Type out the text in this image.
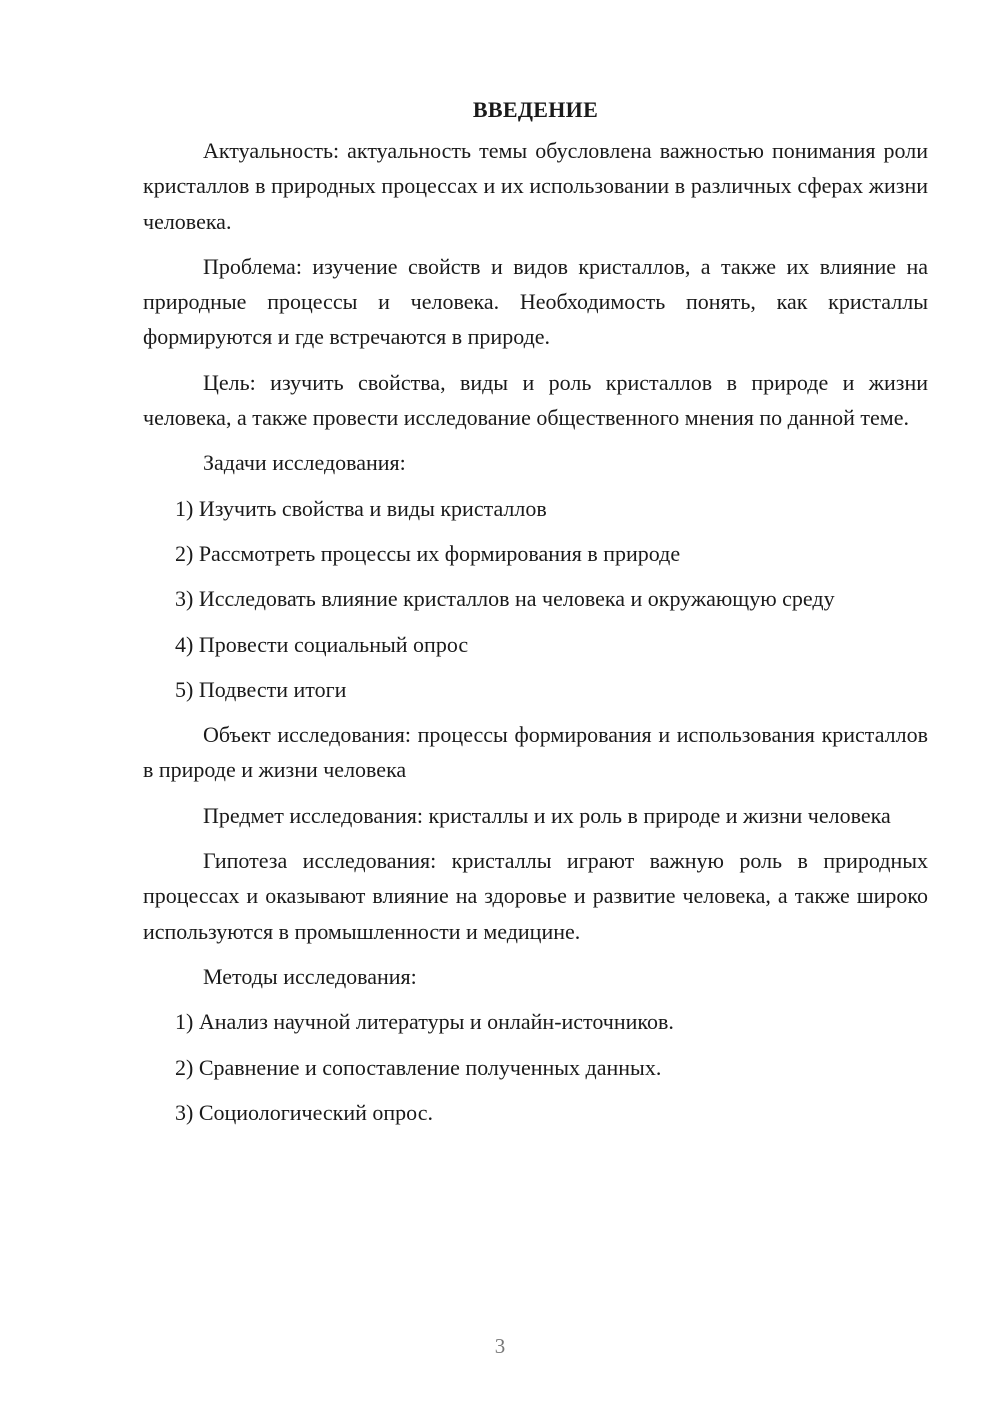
ВВЕДЕНИЕ

Актуальность: актуальность темы обусловлена важностью понимания роли кристаллов в природных процессах и их использовании в различных сферах жизни человека.

Проблема: изучение свойств и видов кристаллов, а также их влияние на природные процессы и человека. Необходимость понять, как кристаллы формируются и где встречаются в природе.

Цель: изучить свойства, виды и роль кристаллов в природе и жизни человека, а также провести исследование общественного мнения по данной теме.

Задачи исследования:

1) Изучить свойства и виды кристаллов
2) Рассмотреть процессы их формирования в природе
3) Исследовать влияние кристаллов на человека и окружающую среду
4) Провести социальный опрос
5) Подвести итоги

Объект исследования: процессы формирования и использования кристаллов в природе и жизни человека

Предмет исследования: кристаллы и их роль в природе и жизни человека

Гипотеза исследования: кристаллы играют важную роль в природных процессах и оказывают влияние на здоровье и развитие человека, а также широко используются в промышленности и медицине.

Методы исследования:

1) Анализ научной литературы и онлайн-источников.
2) Сравнение и сопоставление полученных данных.
3) Социологический опрос.
3
